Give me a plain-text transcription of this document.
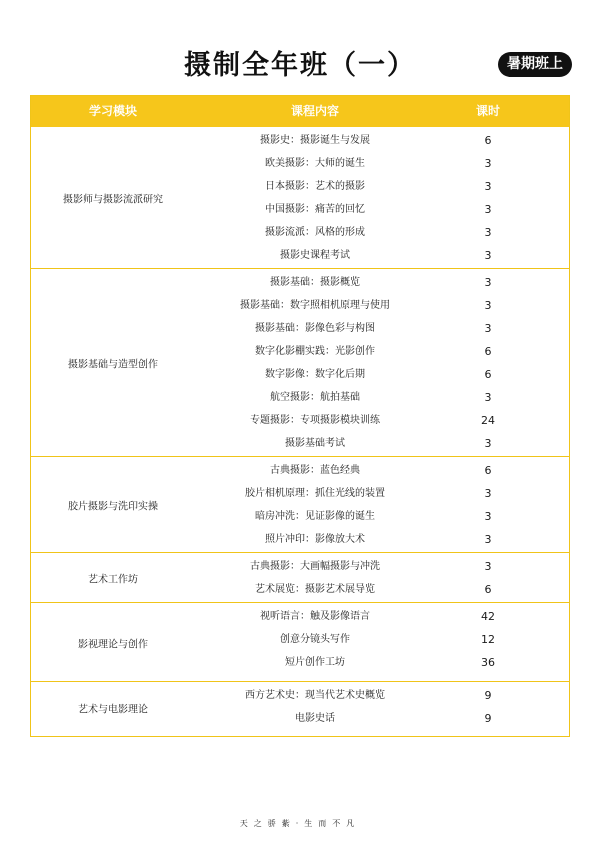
摄制全年班（一）	暑期班上
学习模块	课程内容	课时
摄影师与摄影流派研究
摄影史：摄影诞生与发展	6
欧美摄影：大师的诞生	3
日本摄影：艺术的摄影	3
中国摄影：痛苦的回忆	3
摄影流派：风格的形成	3
摄影史课程考试	3
摄影基础与造型创作
摄影基础：摄影概览	3
摄影基础：数字照相机原理与使用	3
摄影基础：影像色彩与构图	3
数字化影棚实践：光影创作	6
数字影像：数字化后期	6
航空摄影：航拍基础	3
专题摄影：专项摄影模块训练	24
摄影基础考试	3
胶片摄影与洗印实操
古典摄影：蓝色经典	6
胶片相机原理：抓住光线的装置	3
暗房冲洗：见证影像的诞生	3
照片冲印：影像放大术	3
艺术工作坊
古典摄影：大画幅摄影与冲洗	3
艺术展览：摄影艺术展导览	6
影视理论与创作
视听语言：触及影像语言	42
创意分镜头写作	12
短片创作工坊	36
艺术与电影理论
西方艺术史：现当代艺术史概览	9
电影史话	9
天之骄紫·生而不凡
